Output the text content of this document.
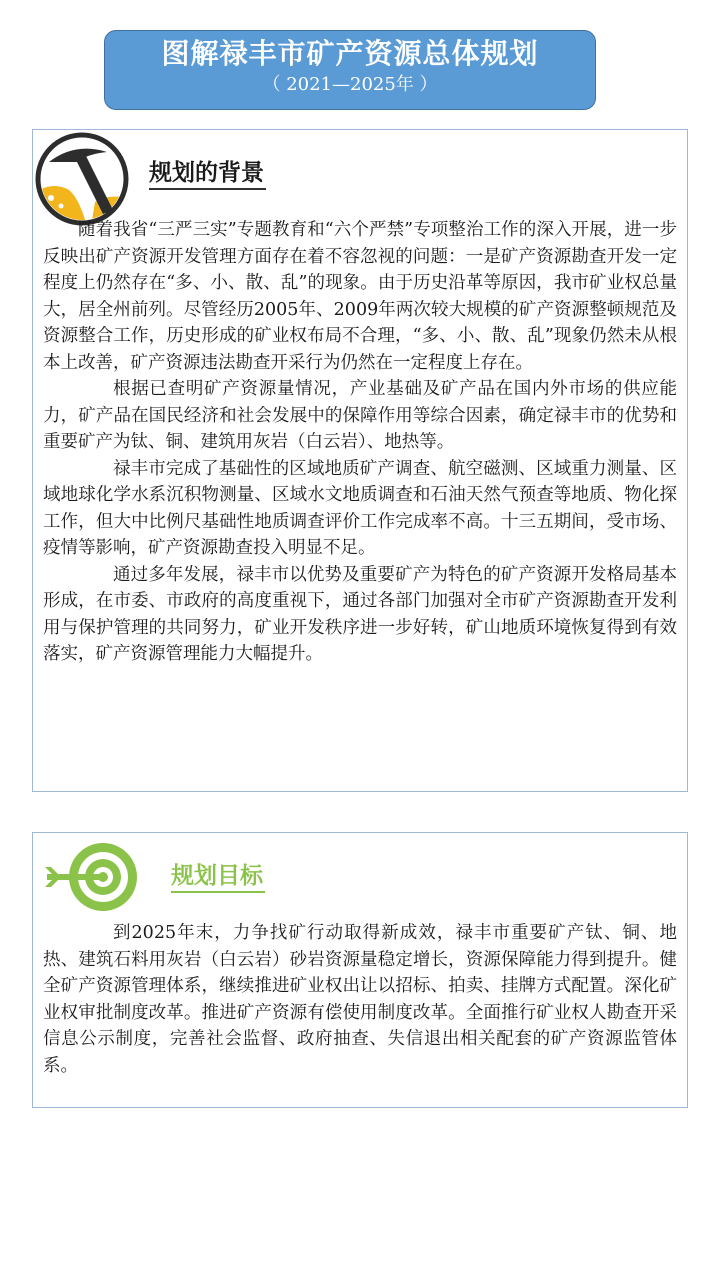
图解禄丰市矿产资源总体规划
（ 2021—2025年 ）
规划的背景

随着我省“三严三实”专题教育和“六个严禁”专项整治工作的深入开展，进一步反映出矿产资源开发管理方面存在着不容忽视的问题：一是矿产资源勘查开发一定程度上仍然存在“多、小、散、乱”的现象。由于历史沿革等原因，我市矿业权总量大，居全州前列。尽管经历2005年、2009年两次较大规模的矿产资源整顿规范及资源整合工作，历史形成的矿业权布局不合理，“多、小、散、乱”现象仍然未从根本上改善，矿产资源违法勘查开采行为仍然在一定程度上存在。

根据已查明矿产资源量情况，产业基础及矿产品在国内外市场的供应能力，矿产品在国民经济和社会发展中的保障作用等综合因素，确定禄丰市的优势和重要矿产为钛、铜、建筑用灰岩（白云岩）、地热等。

禄丰市完成了基础性的区域地质矿产调查、航空磁测、区域重力测量、区域地球化学水系沉积物测量、区域水文地质调查和石油天然气预查等地质、物化探工作，但大中比例尺基础性地质调查评价工作完成率不高。十三五期间，受市场、疫情等影响，矿产资源勘查投入明显不足。

通过多年发展，禄丰市以优势及重要矿产为特色的矿产资源开发格局基本形成，在市委、市政府的高度重视下，通过各部门加强对全市矿产资源勘查开发利用与保护管理的共同努力，矿业开发秩序进一步好转，矿山地质环境恢复得到有效落实，矿产资源管理能力大幅提升。

规划目标

到2025年末，力争找矿行动取得新成效，禄丰市重要矿产钛、铜、地热、建筑石料用灰岩（白云岩）砂岩资源量稳定增长，资源保障能力得到提升。健全矿产资源管理体系，继续推进矿业权出让以招标、拍卖、挂牌方式配置。深化矿业权审批制度改革。推进矿产资源有偿使用制度改革。全面推行矿业权人勘查开采信息公示制度，完善社会监督、政府抽查、失信退出相关配套的矿产资源监管体系。
